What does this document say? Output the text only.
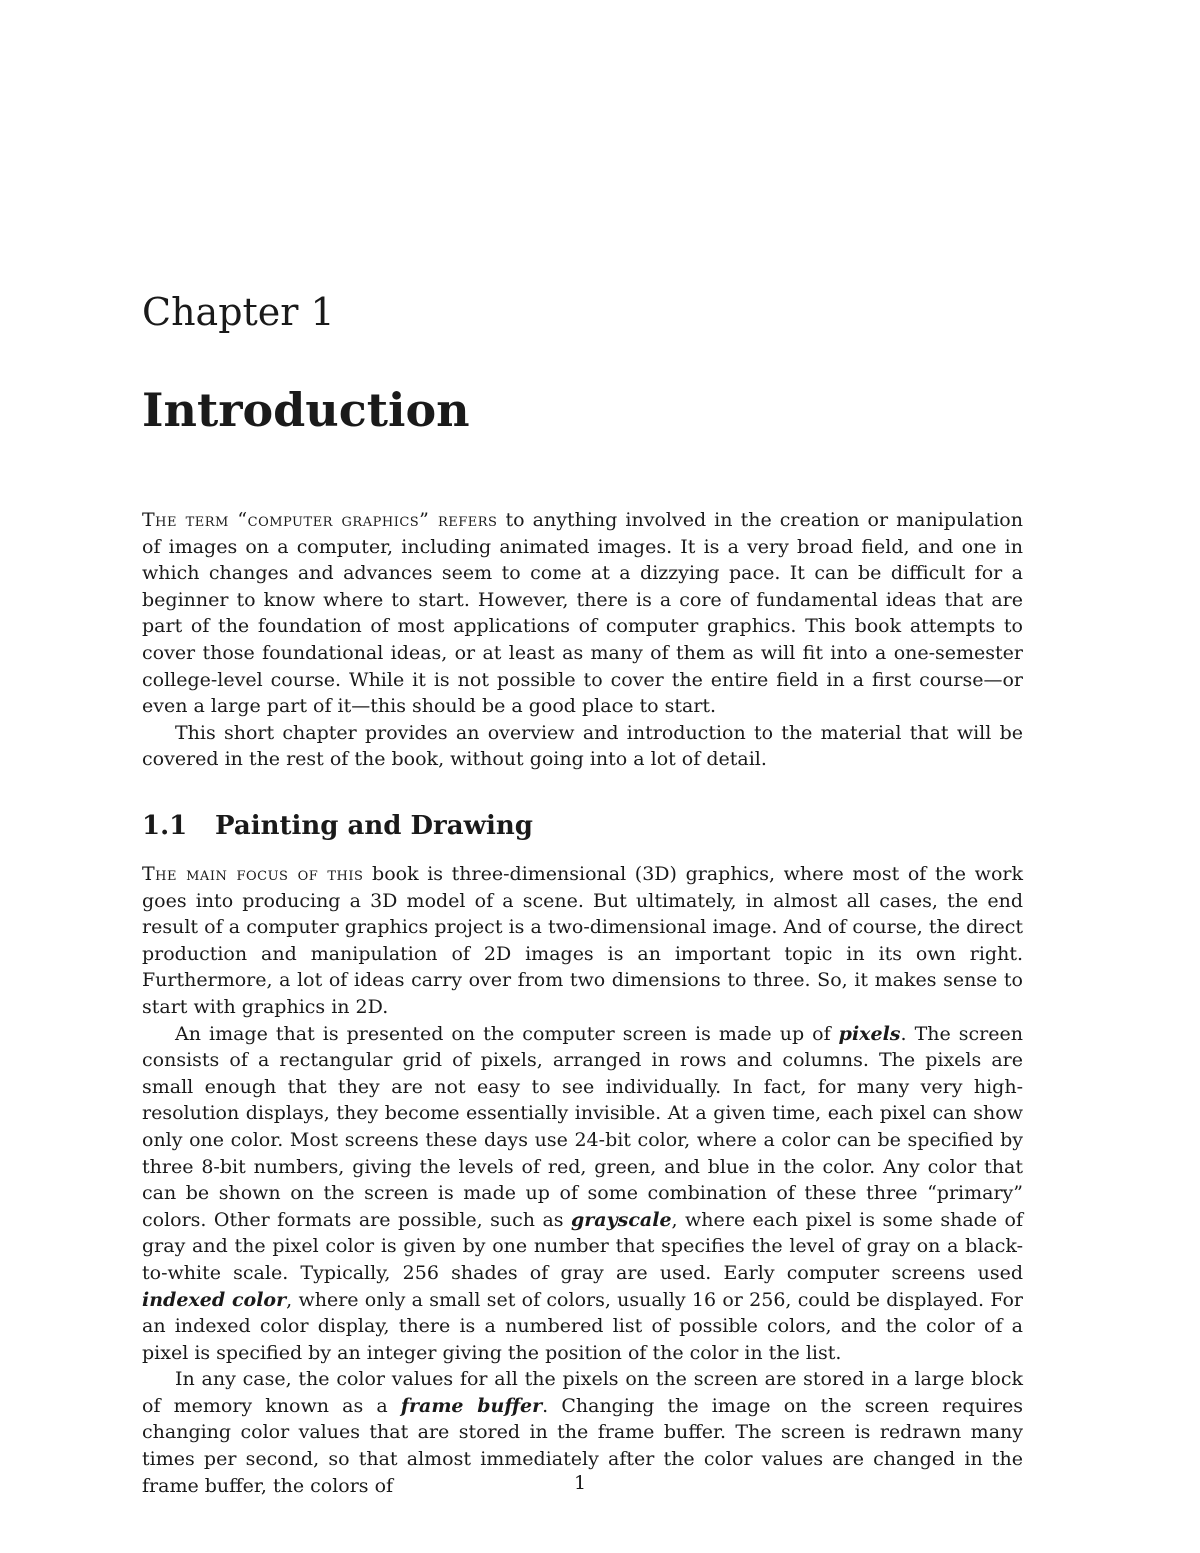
Chapter 1
Introduction

The term “computer graphics” refers to anything involved in the creation or manipulation of images on a computer, including animated images. It is a very broad field, and one in which changes and advances seem to come at a dizzying pace. It can be difficult for a beginner to know where to start. However, there is a core of fundamental ideas that are part of the foundation of most applications of computer graphics. This book attempts to cover those foundational ideas, or at least as many of them as will fit into a one-semester college-level course. While it is not possible to cover the entire field in a first course—or even a large part of it—this should be a good place to start.

This short chapter provides an overview and introduction to the material that will be covered in the rest of the book, without going into a lot of detail.

1.1 Painting and Drawing

The main focus of this book is three-dimensional (3D) graphics, where most of the work goes into producing a 3D model of a scene. But ultimately, in almost all cases, the end result of a computer graphics project is a two-dimensional image. And of course, the direct production and manipulation of 2D images is an important topic in its own right. Furthermore, a lot of ideas carry over from two dimensions to three. So, it makes sense to start with graphics in 2D.

An image that is presented on the computer screen is made up of pixels. The screen consists of a rectangular grid of pixels, arranged in rows and columns. The pixels are small enough that they are not easy to see individually. In fact, for many very high-resolution displays, they become essentially invisible. At a given time, each pixel can show only one color. Most screens these days use 24-bit color, where a color can be specified by three 8-bit numbers, giving the levels of red, green, and blue in the color. Any color that can be shown on the screen is made up of some combination of these three “primary” colors. Other formats are possible, such as grayscale, where each pixel is some shade of gray and the pixel color is given by one number that specifies the level of gray on a black-to-white scale. Typically, 256 shades of gray are used. Early computer screens used indexed color, where only a small set of colors, usually 16 or 256, could be displayed. For an indexed color display, there is a numbered list of possible colors, and the color of a pixel is specified by an integer giving the position of the color in the list.

In any case, the color values for all the pixels on the screen are stored in a large block of memory known as a frame buffer. Changing the image on the screen requires changing color values that are stored in the frame buffer. The screen is redrawn many times per second, so that almost immediately after the color values are changed in the frame buffer, the colors of	1
